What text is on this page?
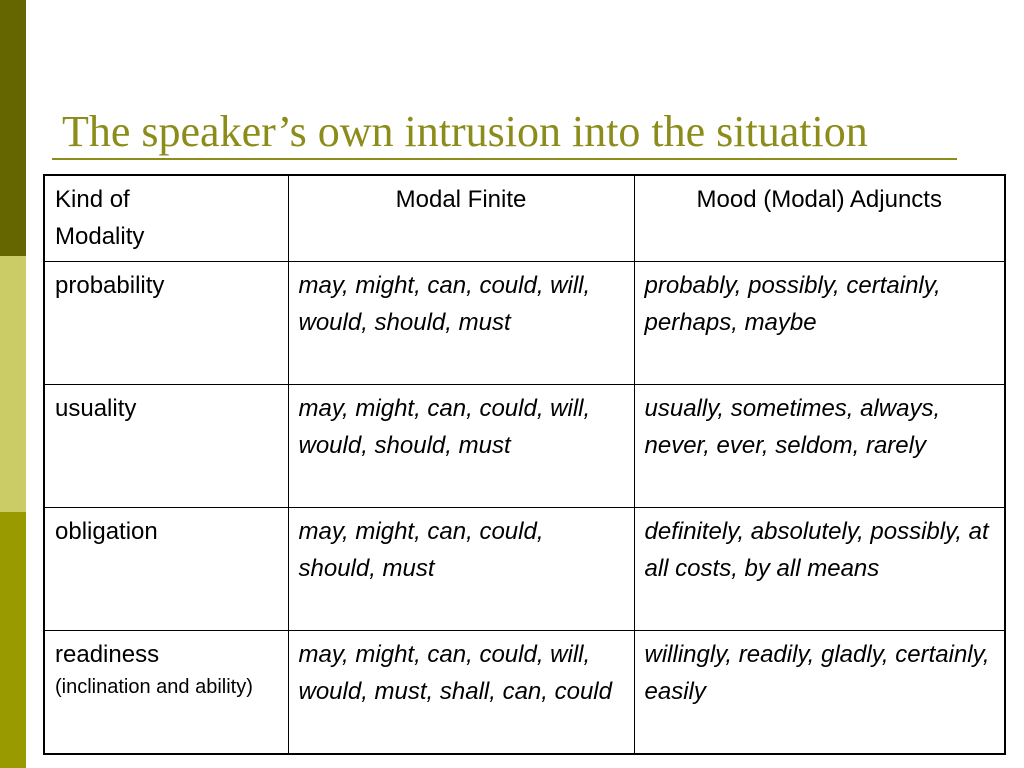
The speaker’s own intrusion into the situation
Kind of
Modality	Modal Finite	Mood (Modal) Adjuncts
probability	may, might, can, could, will, would, should, must	probably, possibly, certainly, perhaps, maybe
usuality	may, might, can, could, will, would, should, must	usually, sometimes, always, never, ever, seldom, rarely
obligation	may, might, can, could, should, must	definitely, absolutely, possibly, at all costs, by all means
readiness
(inclination and ability)	may, might, can, could, will, would, must, shall, can, could	willingly, readily, gladly, certainly, easily
